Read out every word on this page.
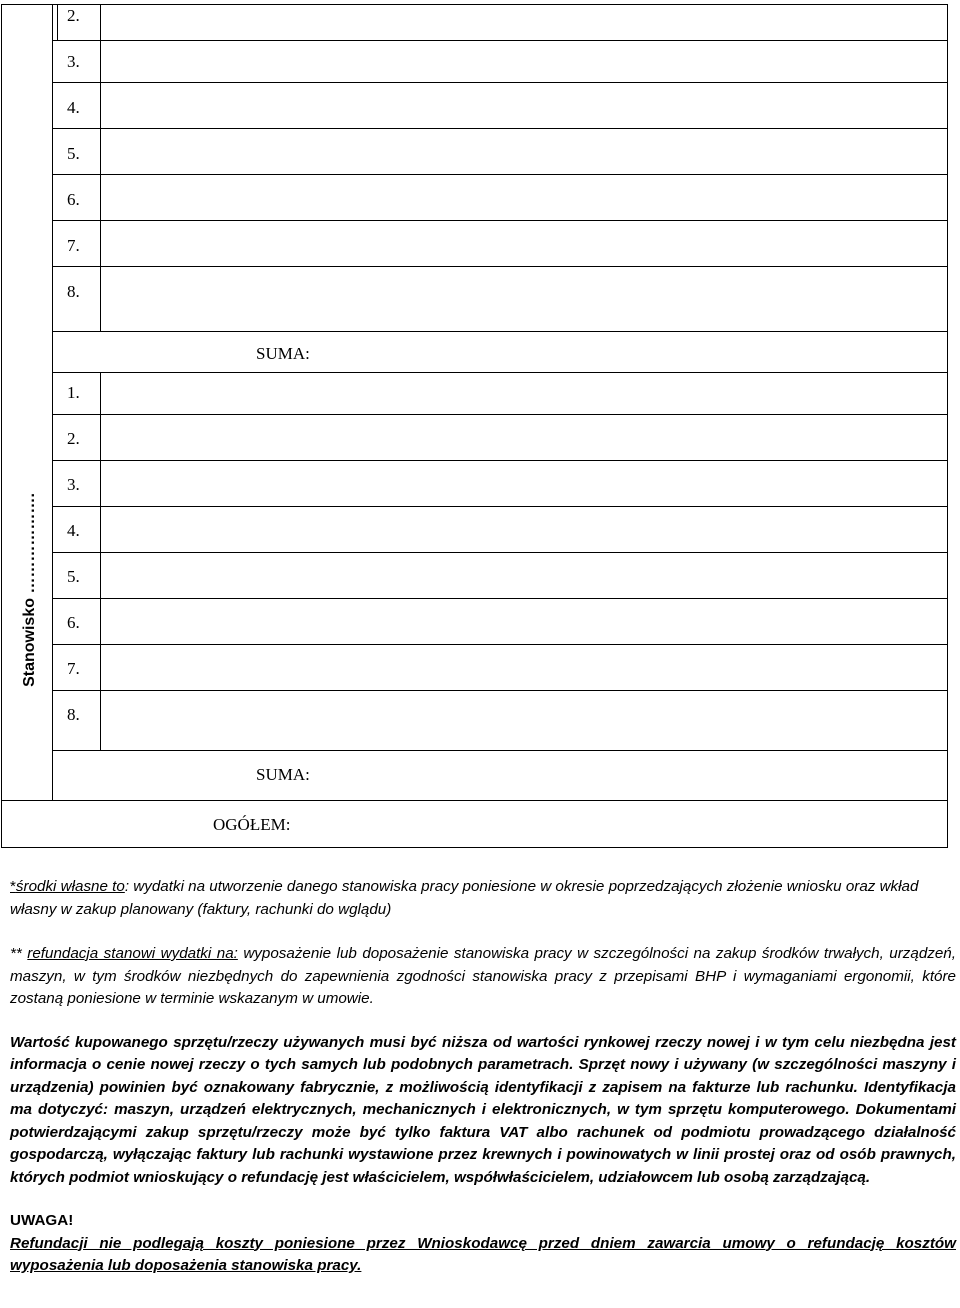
2.
3.
4.
5.
6.
7.
8.
SUMA:
1.
2.
3.
4.
5.
6.
7.
8.
SUMA:
OGÓŁEM:
Stanowisko ……………….

*środki własne to: wydatki na utworzenie danego stanowiska pracy poniesione w okresie poprzedzających złożenie wniosku oraz wkład własny w zakup planowany (faktury, rachunki do wglądu)

** refundacja stanowi wydatki na: wyposażenie lub doposażenie stanowiska pracy w szczególności na zakup środków trwałych, urządzeń, maszyn, w tym środków niezbędnych do zapewnienia zgodności stanowiska pracy z przepisami BHP i wymaganiami ergonomii, które zostaną poniesione w terminie wskazanym w umowie.

Wartość kupowanego sprzętu/rzeczy używanych musi być niższa od wartości rynkowej rzeczy nowej i w tym celu niezbędna jest informacja o cenie nowej rzeczy o tych samych lub podobnych parametrach. Sprzęt nowy i używany (w szczególności maszyny i urządzenia) powinien być oznakowany fabrycznie, z możliwością identyfikacji z zapisem na fakturze lub rachunku. Identyfikacja ma dotyczyć: maszyn, urządzeń elektrycznych, mechanicznych i elektronicznych, w tym sprzętu komputerowego. Dokumentami potwierdzającymi zakup sprzętu/rzeczy może być tylko faktura VAT albo rachunek od podmiotu prowadzącego działalność gospodarczą, wyłączając faktury lub rachunki wystawione przez krewnych i powinowatych w linii prostej oraz od osób prawnych, których podmiot wnioskujący o refundację jest właścicielem, współwłaścicielem, udziałowcem lub osobą zarządzającą.

UWAGA!

Refundacji nie podlegają koszty poniesione przez Wnioskodawcę przed dniem zawarcia umowy o refundację kosztów wyposażenia lub doposażenia stanowiska pracy.
